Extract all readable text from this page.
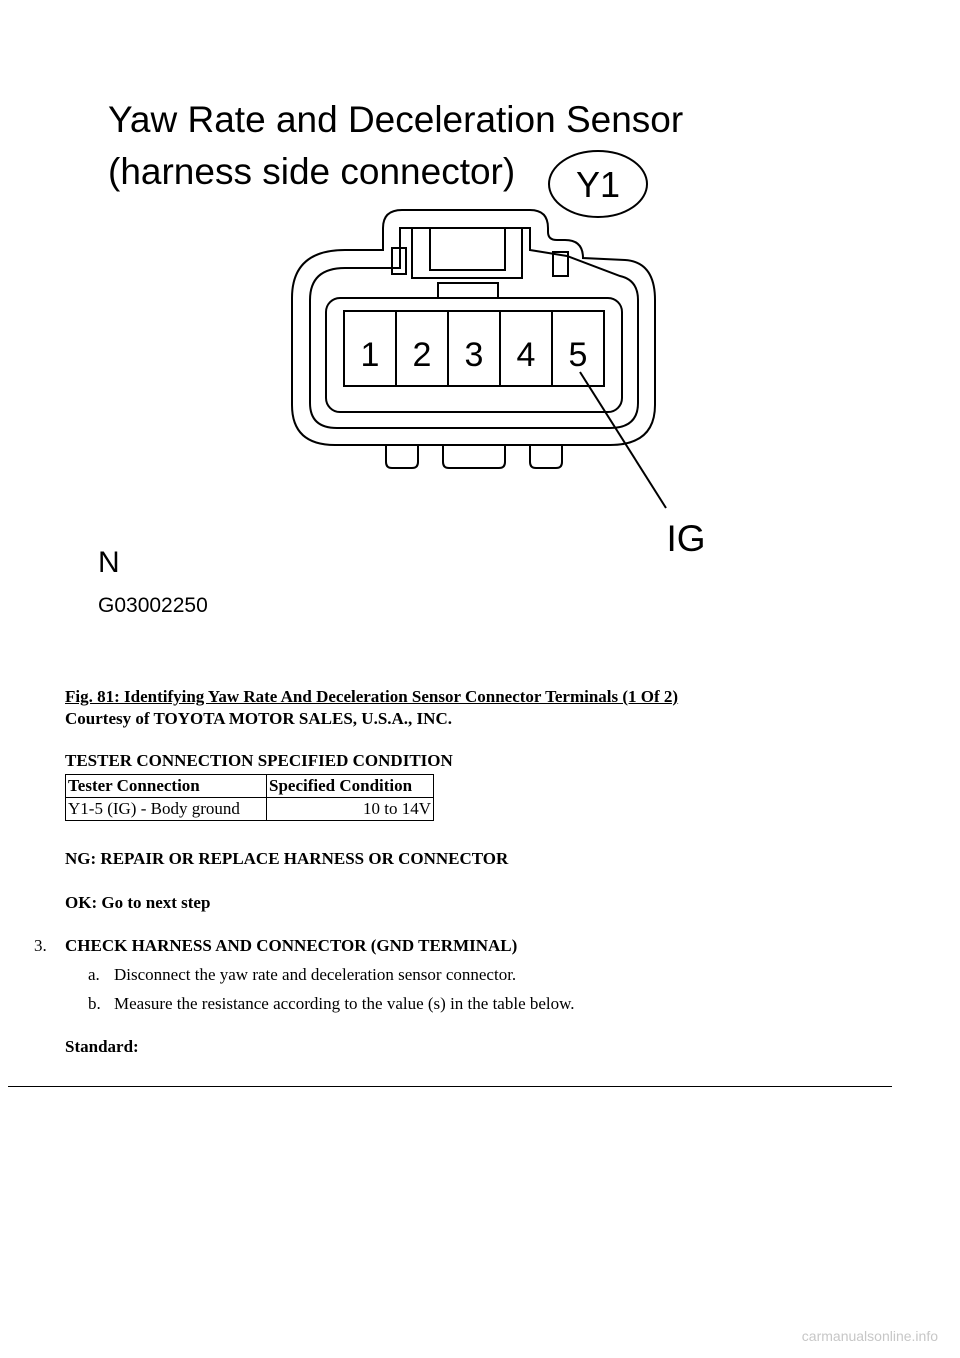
Yaw Rate and Deceleration Sensor
(harness side connector) Y1
1 2 3 4 5
IG
N
G03002250
Fig. 81: Identifying Yaw Rate And Deceleration Sensor Connector Terminals (1 Of 2)
Courtesy of TOYOTA MOTOR SALES, U.S.A., INC.
TESTER CONNECTION SPECIFIED CONDITION
Tester Connection	Specified Condition
Y1-5 (IG) - Body ground	10 to 14V
NG: REPAIR OR REPLACE HARNESS OR CONNECTOR
OK: Go to next step
3. CHECK HARNESS AND CONNECTOR (GND TERMINAL)
a. Disconnect the yaw rate and deceleration sensor connector.
b. Measure the resistance according to the value (s) in the table below.
Standard:
carmanualsonline.info
